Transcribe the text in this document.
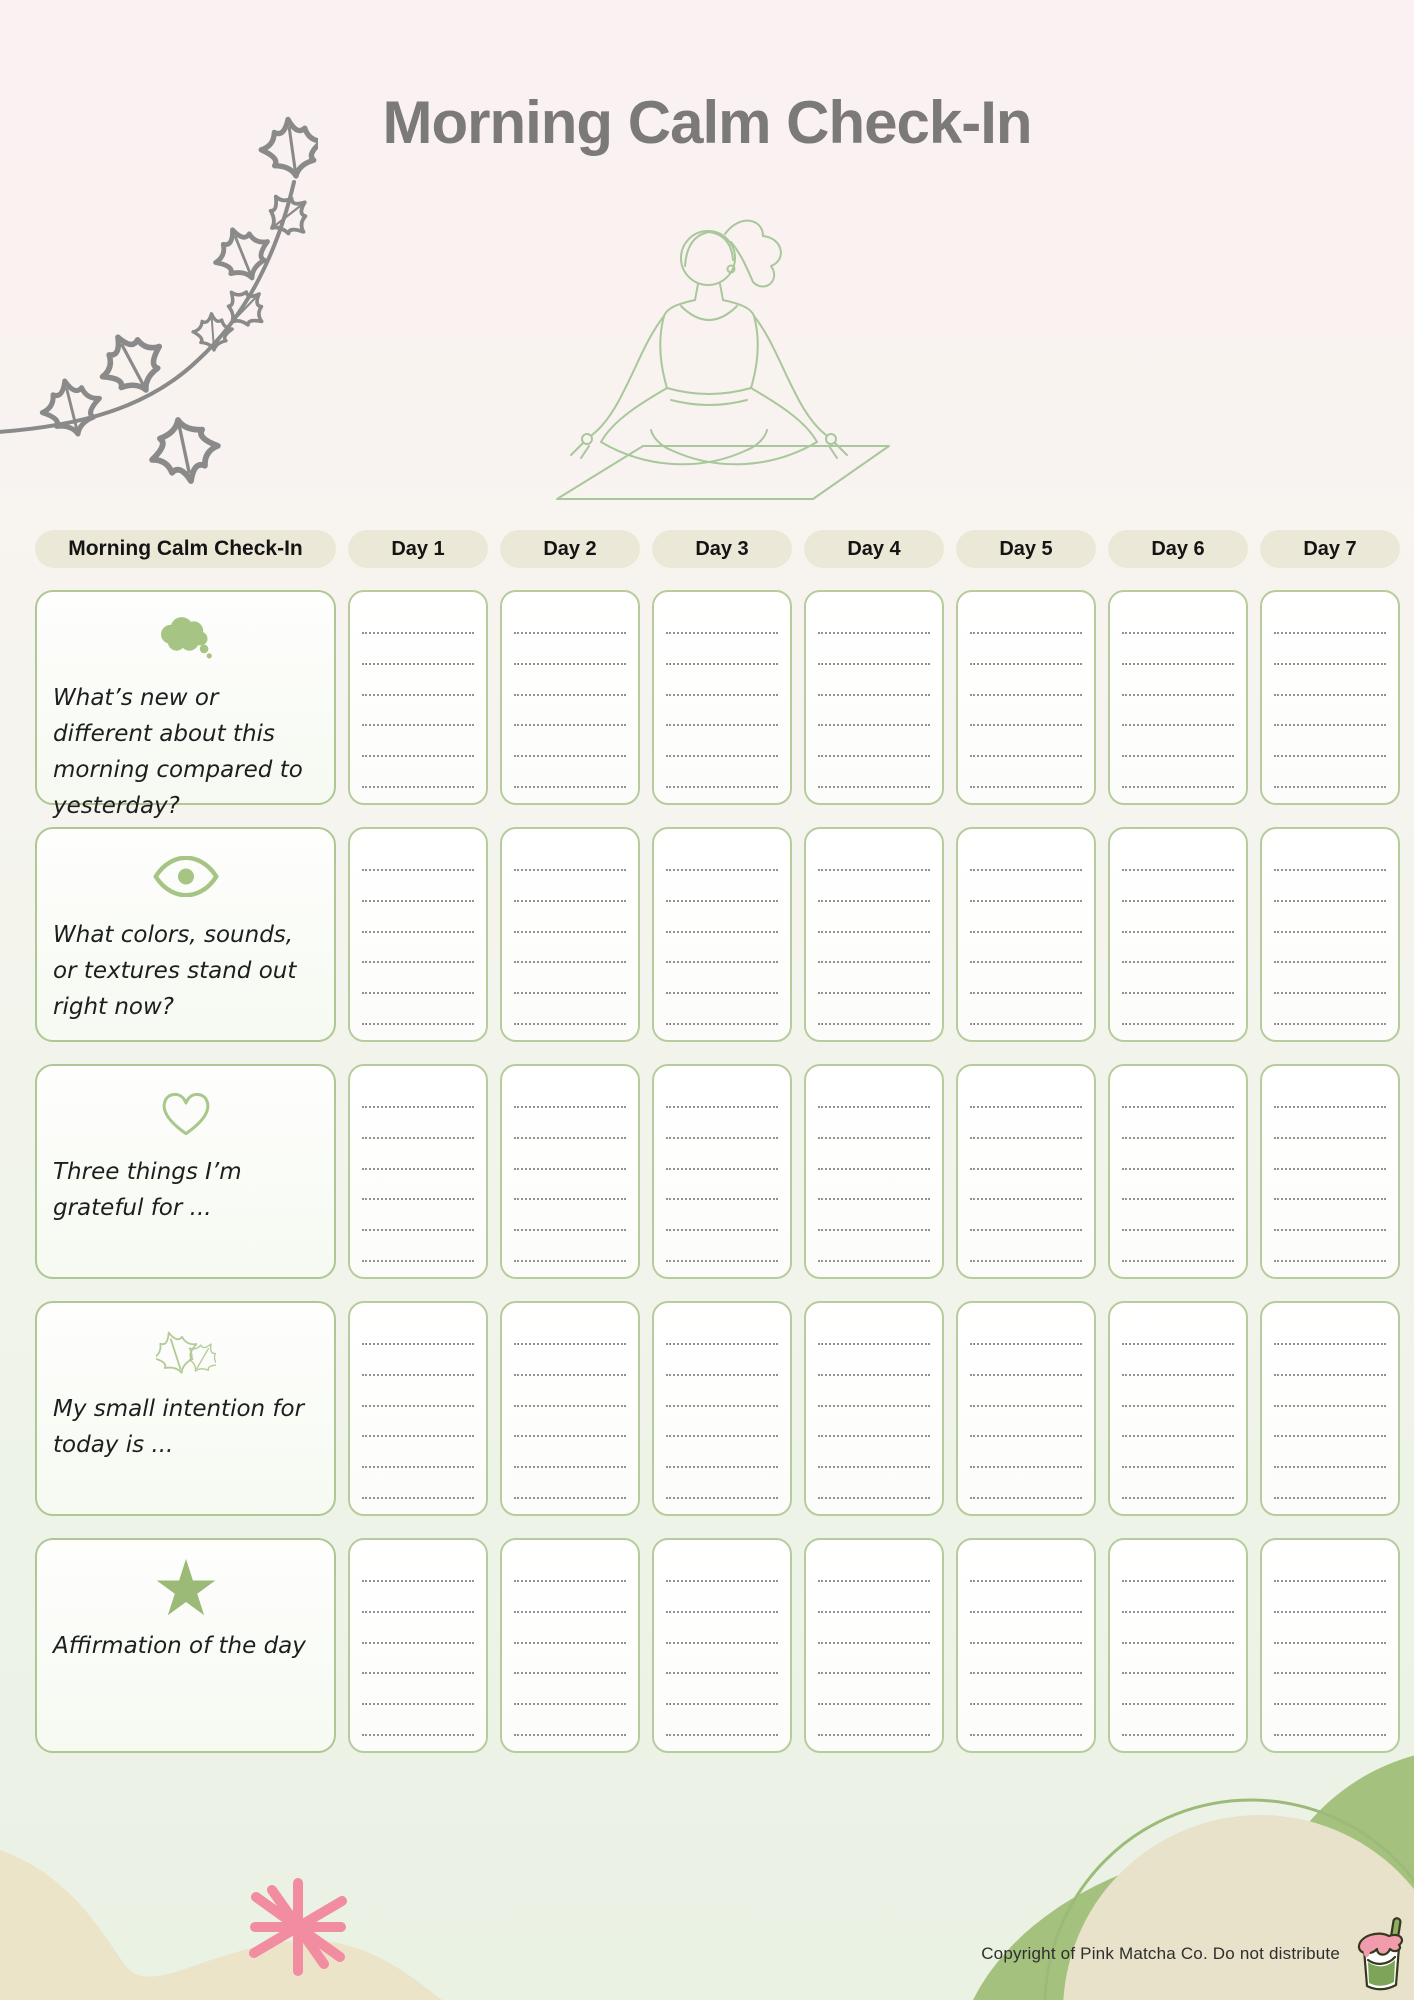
Morning Calm Check-In
Morning Calm Check-In	Day 1	Day 2	Day 3	Day 4	Day 5	Day 6	Day 7
What’s new or different about this morning compared to yesterday?
What colors, sounds, or textures stand out right now?
Three things I’m grateful for ...
My small intention for today is ...
Affirmation of the day
Copyright of Pink Matcha Co. Do not distribute
